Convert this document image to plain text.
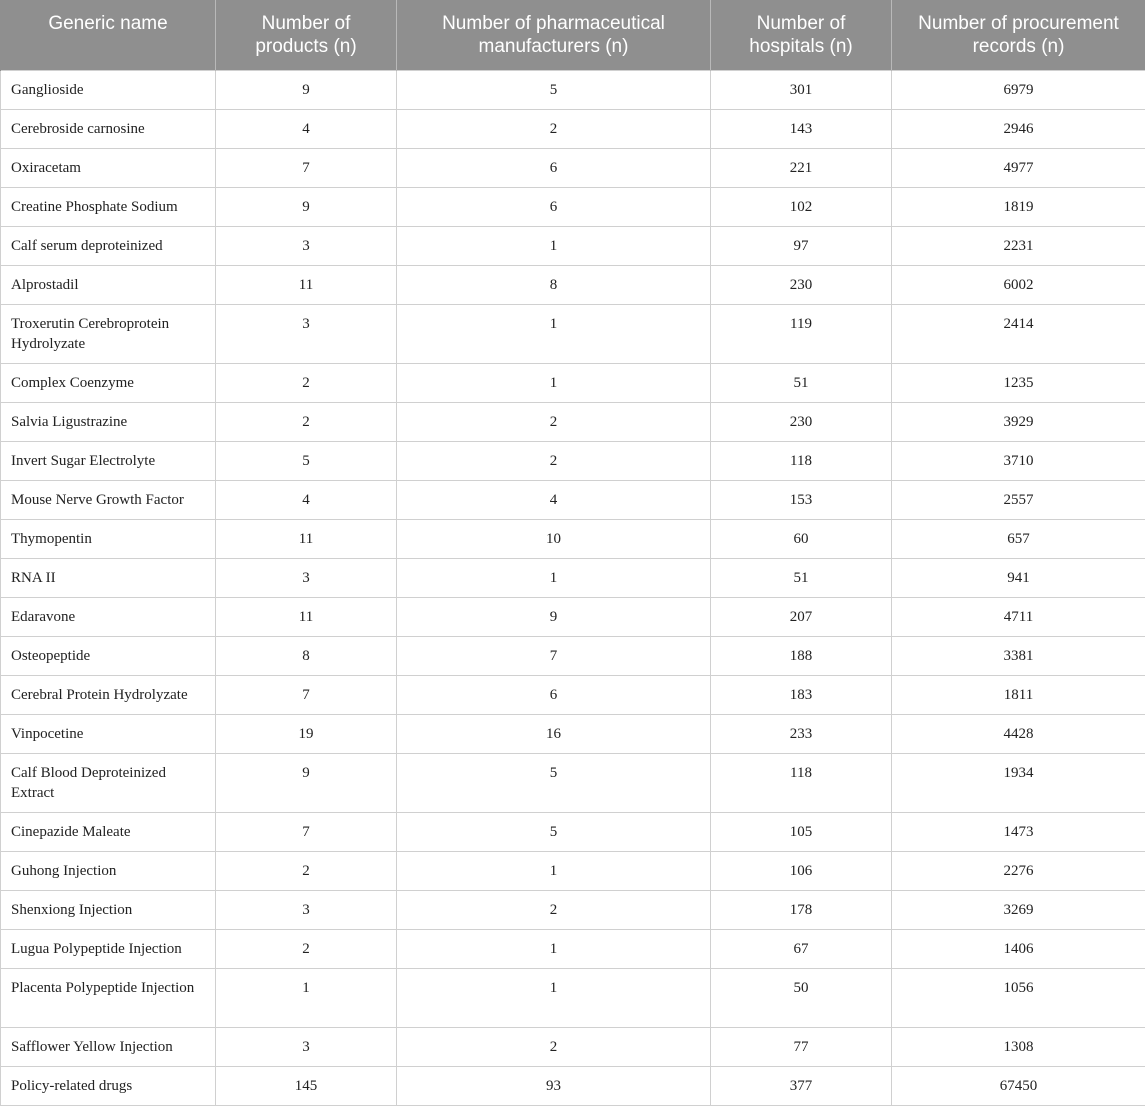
Generic name	Number of products (n)	Number of pharmaceutical manufacturers (n)	Number of hospitals (n)	Number of procurement records (n)
Ganglioside	9	5	301	6979
Cerebroside carnosine	4	2	143	2946
Oxiracetam	7	6	221	4977
Creatine Phosphate Sodium	9	6	102	1819
Calf serum deproteinized	3	1	97	2231
Alprostadil	11	8	230	6002
Troxerutin Cerebroprotein Hydrolyzate	3	1	119	2414
Complex Coenzyme	2	1	51	1235
Salvia Ligustrazine	2	2	230	3929
Invert Sugar Electrolyte	5	2	118	3710
Mouse Nerve Growth Factor	4	4	153	2557
Thymopentin	11	10	60	657
RNA II	3	1	51	941
Edaravone	11	9	207	4711
Osteopeptide	8	7	188	3381
Cerebral Protein Hydrolyzate	7	6	183	1811
Vinpocetine	19	16	233	4428
Calf Blood Deproteinized Extract	9	5	118	1934
Cinepazide Maleate	7	5	105	1473
Guhong Injection	2	1	106	2276
Shenxiong Injection	3	2	178	3269
Lugua Polypeptide Injection	2	1	67	1406
Placenta Polypeptide Injection	1	1	50	1056
Safflower Yellow Injection	3	2	77	1308
Policy-related drugs	145	93	377	67450
